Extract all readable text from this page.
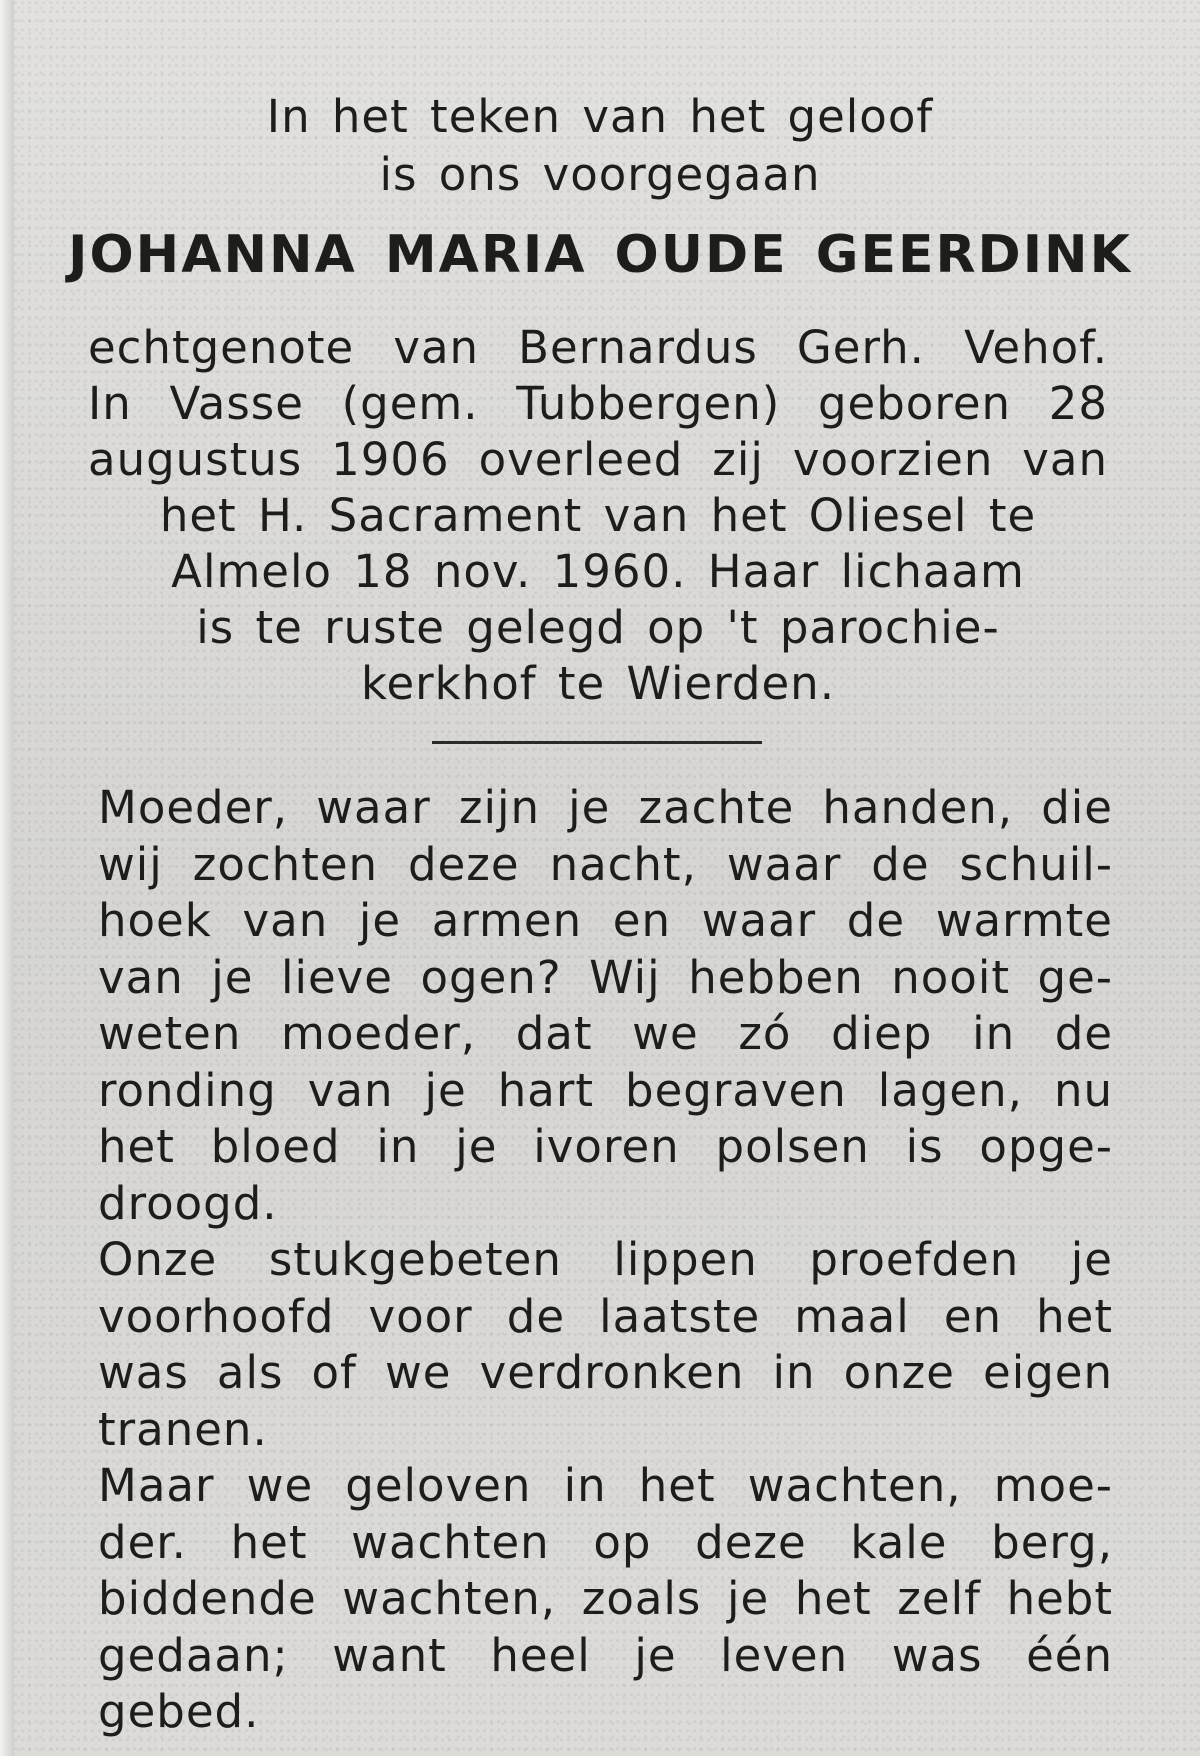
In het teken van het geloof
is ons voorgegaan
JOHANNA MARIA OUDE GEERDINK
echtgenote van Bernardus Gerh. Vehof.
In Vasse (gem. Tubbergen) geboren 28
augustus 1906 overleed zij voorzien van
het H. Sacrament van het Oliesel te
Almelo 18 nov. 1960. Haar lichaam
is te ruste gelegd op 't parochie-
kerkhof te Wierden.
Moeder, waar zijn je zachte handen, die
wij zochten deze nacht, waar de schuil-
hoek van je armen en waar de warmte
van je lieve ogen? Wij hebben nooit ge-
weten moeder, dat we zó diep in de
ronding van je hart begraven lagen, nu
het bloed in je ivoren polsen is opge-
droogd.
Onze stukgebeten lippen proefden je
voorhoofd voor de laatste maal en het
was als of we verdronken in onze eigen
tranen.
Maar we geloven in het wachten, moe-
der. het wachten op deze kale berg,
biddende wachten, zoals je het zelf hebt
gedaan; want heel je leven was één
gebed.
